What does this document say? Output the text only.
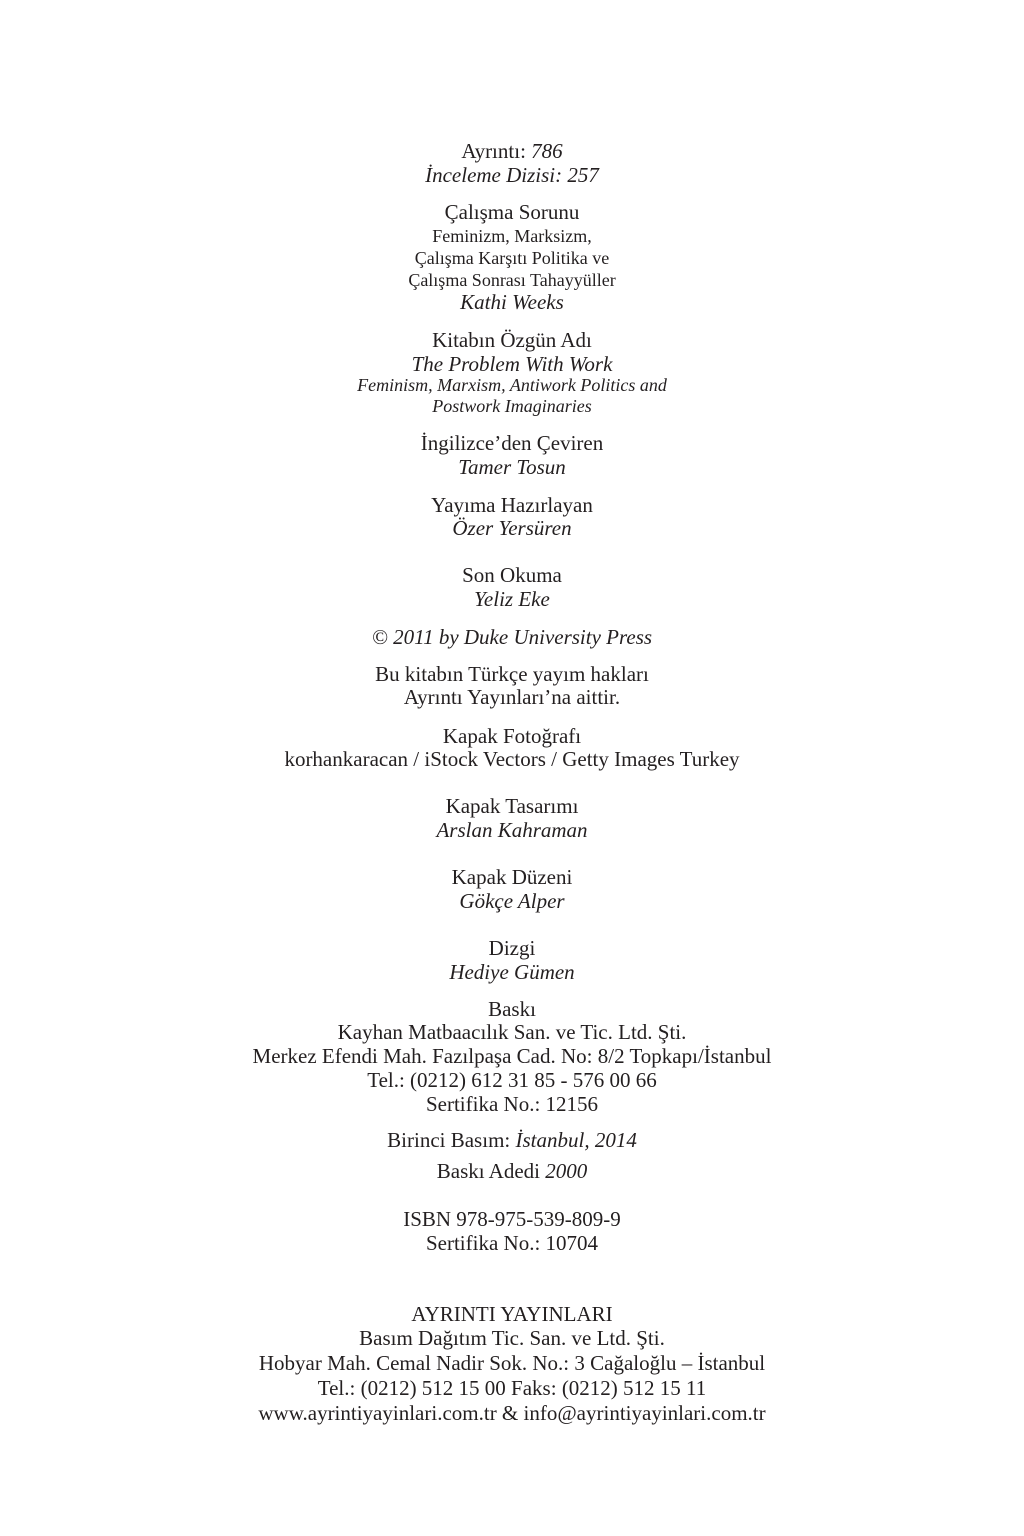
Ayrıntı: 786
İnceleme Dizisi: 257
Çalışma Sorunu
Feminizm, Marksizm,
Çalışma Karşıtı Politika ve
Çalışma Sonrası Tahayyüller
Kathi Weeks
Kitabın Özgün Adı
The Problem With Work
Feminism, Marxism, Antiwork Politics and
Postwork Imaginaries
İngilizce’den Çeviren
Tamer Tosun
Yayıma Hazırlayan
Özer Yersüren
Son Okuma
Yeliz Eke
© 2011 by Duke University Press
Bu kitabın Türkçe yayım hakları
Ayrıntı Yayınları’na aittir.
Kapak Fotoğrafı
korhankaracan / iStock Vectors / Getty Images Turkey
Kapak Tasarımı
Arslan Kahraman
Kapak Düzeni
Gökçe Alper
Dizgi
Hediye Gümen
Baskı
Kayhan Matbaacılık San. ve Tic. Ltd. Şti.
Merkez Efendi Mah. Fazılpaşa Cad. No: 8/2 Topkapı/İstanbul
Tel.: (0212) 612 31 85 - 576 00 66
Sertifika No.: 12156
Birinci Basım: İstanbul, 2014
Baskı Adedi 2000
ISBN 978-975-539-809-9
Sertifika No.: 10704
AYRINTI YAYINLARI
Basım Dağıtım Tic. San. ve Ltd. Şti.
Hobyar Mah. Cemal Nadir Sok. No.: 3 Cağaloğlu – İstanbul
Tel.: (0212) 512 15 00 Faks: (0212) 512 15 11
www.ayrintiyayinlari.com.tr & info@ayrintiyayinlari.com.tr
